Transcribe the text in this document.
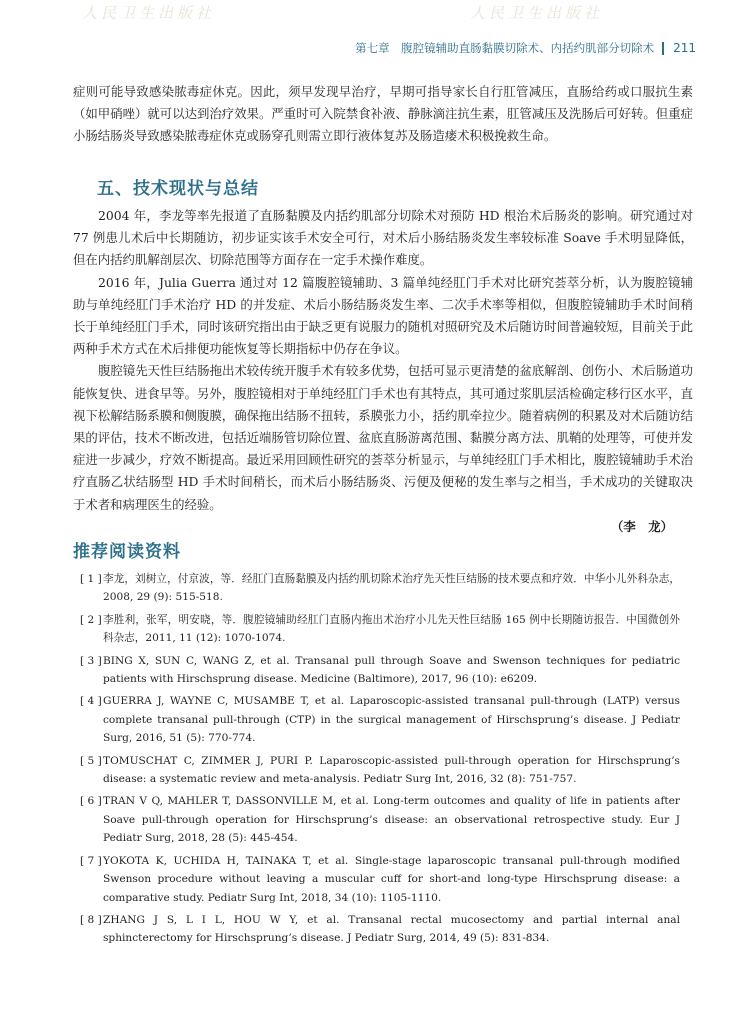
人民卫生出版社	人民卫生出版社
第七章　腹腔镜辅助直肠黏膜切除术、内括约肌部分切除术 211

症则可能导致感染脓毒症休克。因此，须早发现早治疗，早期可指导家长自行肛管减压，直肠给药或口服抗生素（如甲硝唑）就可以达到治疗效果。严重时可入院禁食补液、静脉滴注抗生素，肛管减压及洗肠后可好转。但重症小肠结肠炎导致感染脓毒症休克或肠穿孔则需立即行液体复苏及肠造瘘术积极挽救生命。

五、技术现状与总结

2004 年，李龙等率先报道了直肠黏膜及内括约肌部分切除术对预防 HD 根治术后肠炎的影响。研究通过对 77 例患儿术后中长期随访，初步证实该手术安全可行，对术后小肠结肠炎发生率较标准 Soave 手术明显降低，但在内括约肌解剖层次、切除范围等方面存在一定手术操作难度。

2016 年，Julia Guerra 通过对 12 篇腹腔镜辅助、3 篇单纯经肛门手术对比研究荟萃分析，认为腹腔镜辅助与单纯经肛门手术治疗 HD 的并发症、术后小肠结肠炎发生率、二次手术率等相似，但腹腔镜辅助手术时间稍长于单纯经肛门手术，同时该研究指出由于缺乏更有说服力的随机对照研究及术后随访时间普遍较短，目前关于此两种手术方式在术后排便功能恢复等长期指标中仍存在争议。

腹腔镜先天性巨结肠拖出术较传统开腹手术有较多优势，包括可显示更清楚的盆底解剖、创伤小、术后肠道功能恢复快、进食早等。另外，腹腔镜相对于单纯经肛门手术也有其特点，其可通过浆肌层活检确定移行区水平，直视下松解结肠系膜和侧腹膜，确保拖出结肠不扭转，系膜张力小，括约肌牵拉少。随着病例的积累及对术后随访结果的评估，技术不断改进，包括近端肠管切除位置、盆底直肠游离范围、黏膜分离方法、肌鞘的处理等，可使并发症进一步减少，疗效不断提高。最近采用回顾性研究的荟萃分析显示，与单纯经肛门手术相比，腹腔镜辅助手术治疗直肠乙状结肠型 HD 手术时间稍长，而术后小肠结肠炎、污便及便秘的发生率与之相当，手术成功的关键取决于术者和病理医生的经验。

（李　龙）

推荐阅读资料
[ 1 ] 李龙，刘树立，付京波，等．经肛门直肠黏膜及内括约肌切除术治疗先天性巨结肠的技术要点和疗效．中华小儿外科杂志，2008, 29 (9): 515-518.
[ 2 ] 李胜利，张军，明安晓，等．腹腔镜辅助经肛门直肠内拖出术治疗小儿先天性巨结肠 165 例中长期随访报告．中国微创外科杂志，2011, 11 (12): 1070-1074.
[ 3 ] BING X, SUN C, WANG Z, et al. Transanal pull through Soave and Swenson techniques for pediatric patients with Hirschsprung disease. Medicine (Baltimore), 2017, 96 (10): e6209.
[ 4 ] GUERRA J, WAYNE C, MUSAMBE T, et al. Laparoscopic-assisted transanal pull-through (LATP) versus complete transanal pull-through (CTP) in the surgical management of Hirschsprung’s disease. J Pediatr Surg, 2016, 51 (5): 770-774.
[ 5 ] TOMUSCHAT C, ZIMMER J, PURI P. Laparoscopic-assisted pull-through operation for Hirschsprung’s disease: a systematic review and meta-analysis. Pediatr Surg Int, 2016, 32 (8): 751-757.
[ 6 ] TRAN V Q, MAHLER T, DASSONVILLE M, et al. Long-term outcomes and quality of life in patients after Soave pull-through operation for Hirschsprung’s disease: an observational retrospective study. Eur J Pediatr Surg, 2018, 28 (5): 445-454.
[ 7 ] YOKOTA K, UCHIDA H, TAINAKA T, et al. Single-stage laparoscopic transanal pull-through modified Swenson procedure without leaving a muscular cuff for short-and long-type Hirschsprung disease: a comparative study. Pediatr Surg Int, 2018, 34 (10): 1105-1110.
[ 8 ] ZHANG J S, L I L, HOU W Y, et al. Transanal rectal mucosectomy and partial internal anal sphincterectomy for Hirschsprung’s disease. J Pediatr Surg, 2014, 49 (5): 831-834.
